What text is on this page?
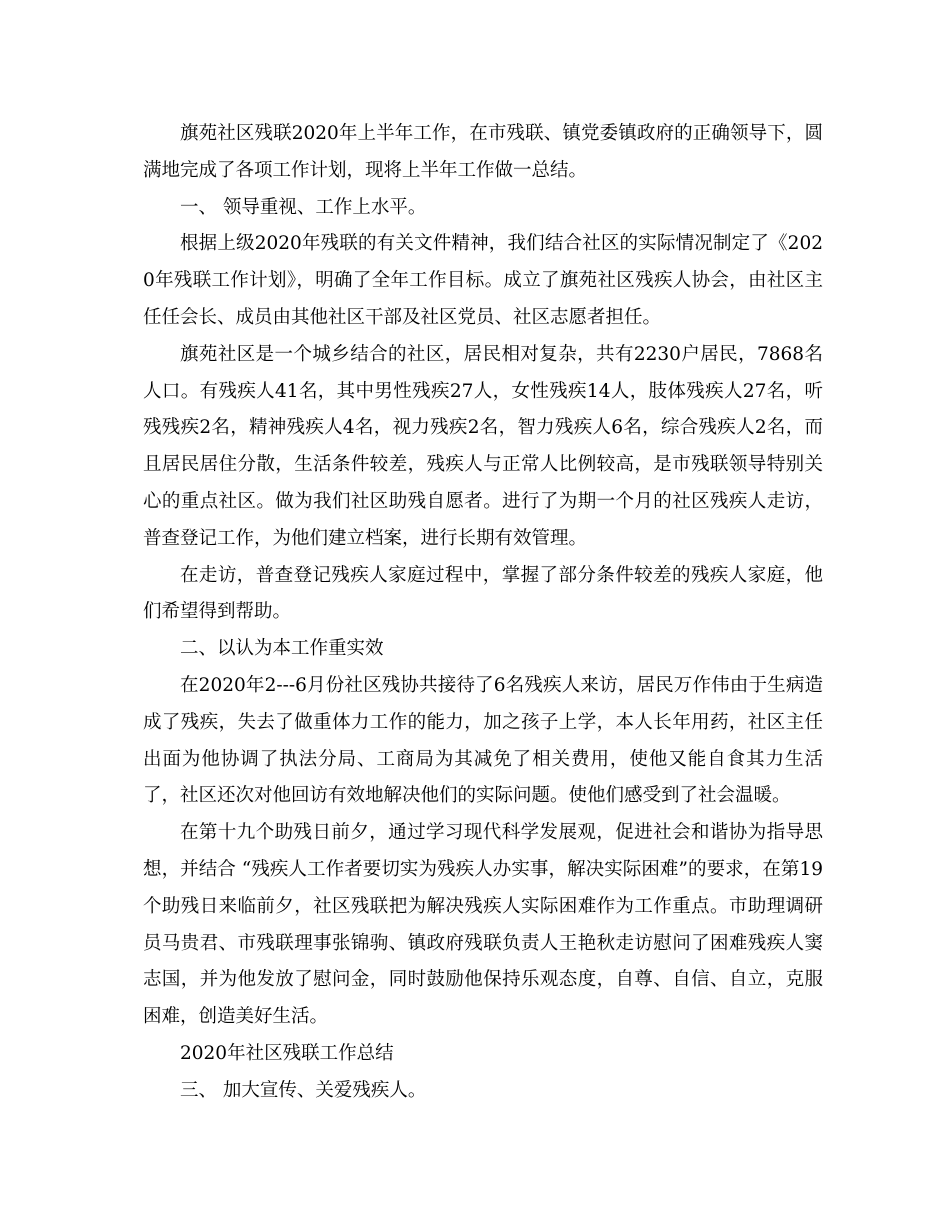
旗苑社区残联2020年上半年工作，在市残联、镇党委镇政府的正确领导下，圆满地完成了各项工作计划，现将上半年工作做一总结。

一、 领导重视、工作上水平。

根据上级2020年残联的有关文件精神，我们结合社区的实际情况制定了《2020年残联工作计划》，明确了全年工作目标。成立了旗苑社区残疾人协会，由社区主任任会长、成员由其他社区干部及社区党员、社区志愿者担任。

旗苑社区是一个城乡结合的社区，居民相对复杂，共有2230户居民，7868名人口。有残疾人41名，其中男性残疾27人，女性残疾14人，肢体残疾人27名，听残残疾2名，精神残疾人4名，视力残疾2名，智力残疾人6名，综合残疾人2名，而且居民居住分散，生活条件较差，残疾人与正常人比例较高，是市残联领导特别关心的重点社区。做为我们社区助残自愿者。进行了为期一个月的社区残疾人走访，普查登记工作，为他们建立档案，进行长期有效管理。

在走访，普查登记残疾人家庭过程中，掌握了部分条件较差的残疾人家庭，他们希望得到帮助。

二、以认为本工作重实效

在2020年2---6月份社区残协共接待了6名残疾人来访，居民万作伟由于生病造成了残疾，失去了做重体力工作的能力，加之孩子上学，本人长年用药，社区主任出面为他协调了执法分局、工商局为其减免了相关费用，使他又能自食其力生活了，社区还次对他回访有效地解决他们的实际问题。使他们感受到了社会温暖。

在第十九个助残日前夕，通过学习现代科学发展观，促进社会和谐协为指导思想，并结合 “残疾人工作者要切实为残疾人办实事，解决实际困难”的要求，在第19个助残日来临前夕，社区残联把为解决残疾人实际困难作为工作重点。市助理调研员马贵君、市残联理事张锦驹、镇政府残联负责人王艳秋走访慰问了困难残疾人窦志国，并为他发放了慰问金，同时鼓励他保持乐观态度，自尊、自信、自立，克服困难，创造美好生活。

2020年社区残联工作总结

三、 加大宣传、关爱残疾人。
